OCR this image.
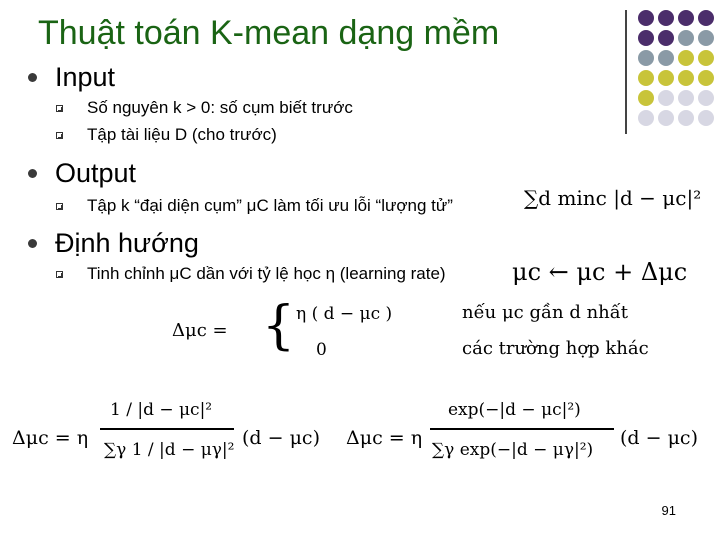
Thuật toán K-mean dạng mềm
Input
Số nguyên k > 0: số cụm biết trước
Tập tài liệu D (cho trước)
Output
Tập k “đại diện cụm” μC làm tối ưu lỗi “lượng tử”	∑d minc |d − μc|²
Định hướng
Tinh chỉnh μC dần với tỷ lệ học η (learning rate)	μc ← μc + Δμc
Δμc = { η ( d − μc )
0
nếu μc gần d nhất
các trường hợp khác
Δμc = η
1 / |d − μc|²
∑γ 1 / |d − μγ|²
(d − μc) Δμc = η
exp(−|d − μc|²)
∑γ exp(−|d − μγ|²)
(d − μc)
91
